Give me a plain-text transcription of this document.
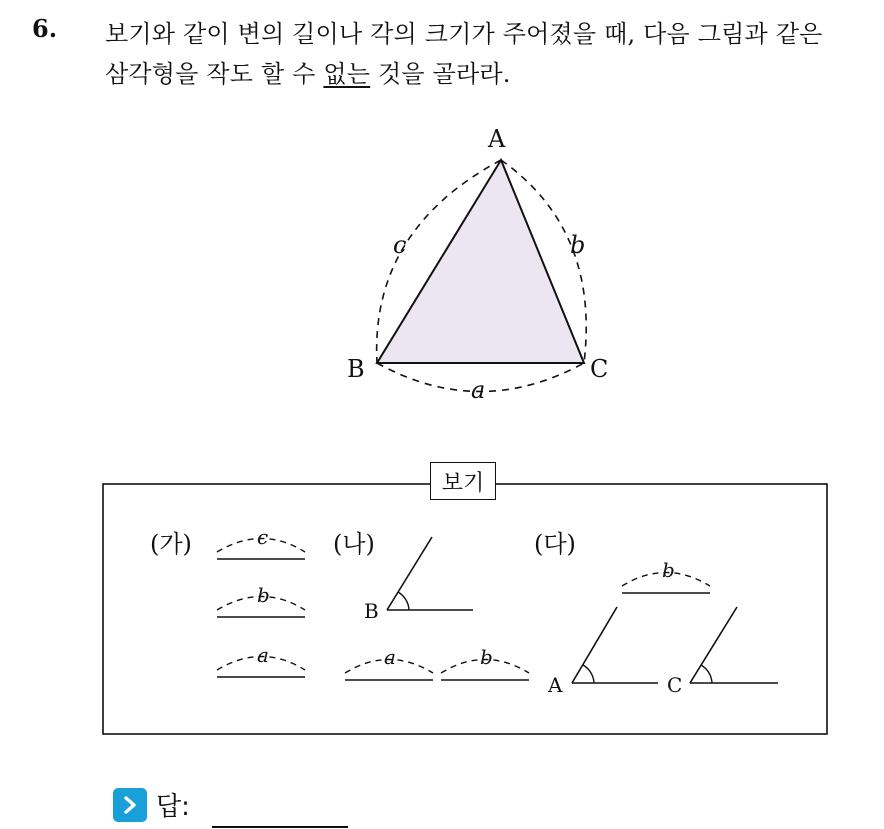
6. 보기와 같이 변의 길이나 각의 크기가 주어졌을 때, 다음 그림과 같은
삼각형을 작도 할 수 없는 것을 골라라.
A
B	C
c	b
a
(가)	c
b
a
(나)
B
a	b
(다)
b
A	C
보기
답:
